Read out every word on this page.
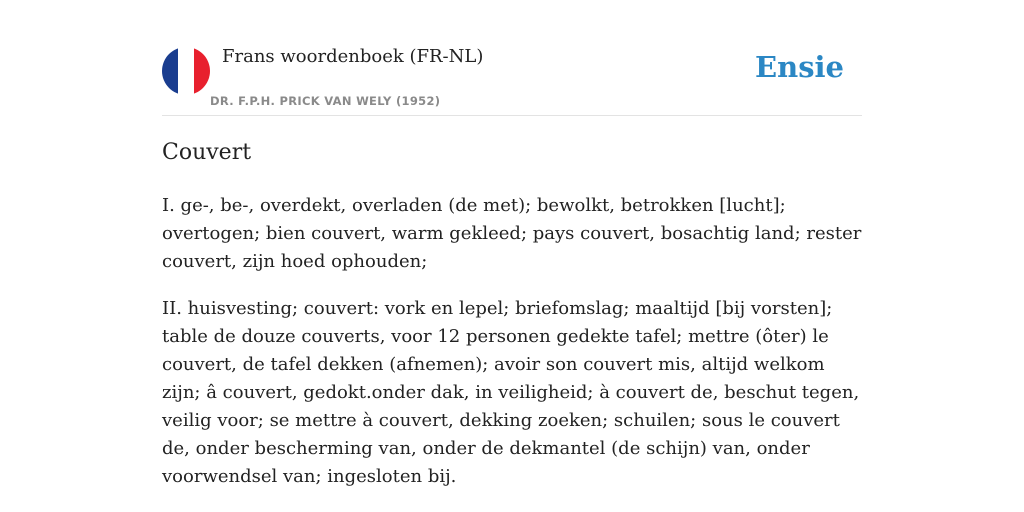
Frans woordenboek (FR-NL)
DR. F.P.H. PRICK VAN WELY (1952)
Ensie
Couvert

I. ge-, be-, overdekt, overladen (de met); bewolkt, betrokken [lucht]; overtogen; bien couvert, warm gekleed; pays couvert, bosachtig land; rester couvert, zijn hoed ophouden;

II. huisvesting; couvert: vork en lepel; briefomslag; maaltijd [bij vorsten]; table de douze couverts, voor 12 personen gedekte tafel; mettre (ôter) le couvert, de tafel dekken (afnemen); avoir son couvert mis, altijd welkom zijn; â couvert, gedokt.onder dak, in veiligheid; à couvert de, beschut tegen, veilig voor; se mettre à couvert, dekking zoeken; schuilen; sous le couvert de, onder bescherming van, onder de dekmantel (de schijn) van, onder voorwendsel van; ingesloten bij.
